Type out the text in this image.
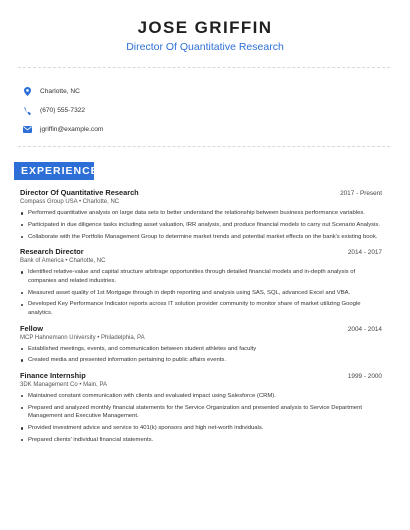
JOSE GRIFFIN
Director Of Quantitative Research
Charlotte, NC
(670) 555-7322
jgriffin@example.com
EXPERIENCE
Director Of Quantitative Research	2017 - Present
Compass Group USA • Charlotte, NC
Performed quantitative analysis on large data sets to better understand the relationship between business performance variables.
Participated in due diligence tasks including asset valuation, IRR analysis, and produce financial models to carry out Scenario Analysis.
Collaborate with the Portfolio Management Group to determine market trends and potential market effects on the bank's existing book.
Research Director	2014 - 2017
Bank of America • Charlotte, NC
Identified relative-value and capital structure arbitrage opportunities through detailed financial models and in-depth analysis of companies and related industries.
Measured asset quality of 1st Mortgage through in depth reporting and analysis using SAS, SQL, advanced Excel and VBA.
Developed Key Performance Indicator reports across IT solution provider community to monitor share of market utilizing Google analytics.
Fellow	2004 - 2014
MCP Hahnemann University • Philadelphia, PA
Established meetings, events, and communication between student athletes and faculty
Created media and presented information pertaining to public affairs events.
Finance Internship	1999 - 2000
3DK Management Co • Main, PA
Maintained constant communication with clients and evaluated impact using Salesforce (CRM).
Prepared and analyzed monthly financial statements for the Service Organization and presented analysis to Service Department Management and Executive Management.
Provided investment advice and service to 401(k) sponsors and high net-worth individuals.
Prepared clients' individual financial statements.
